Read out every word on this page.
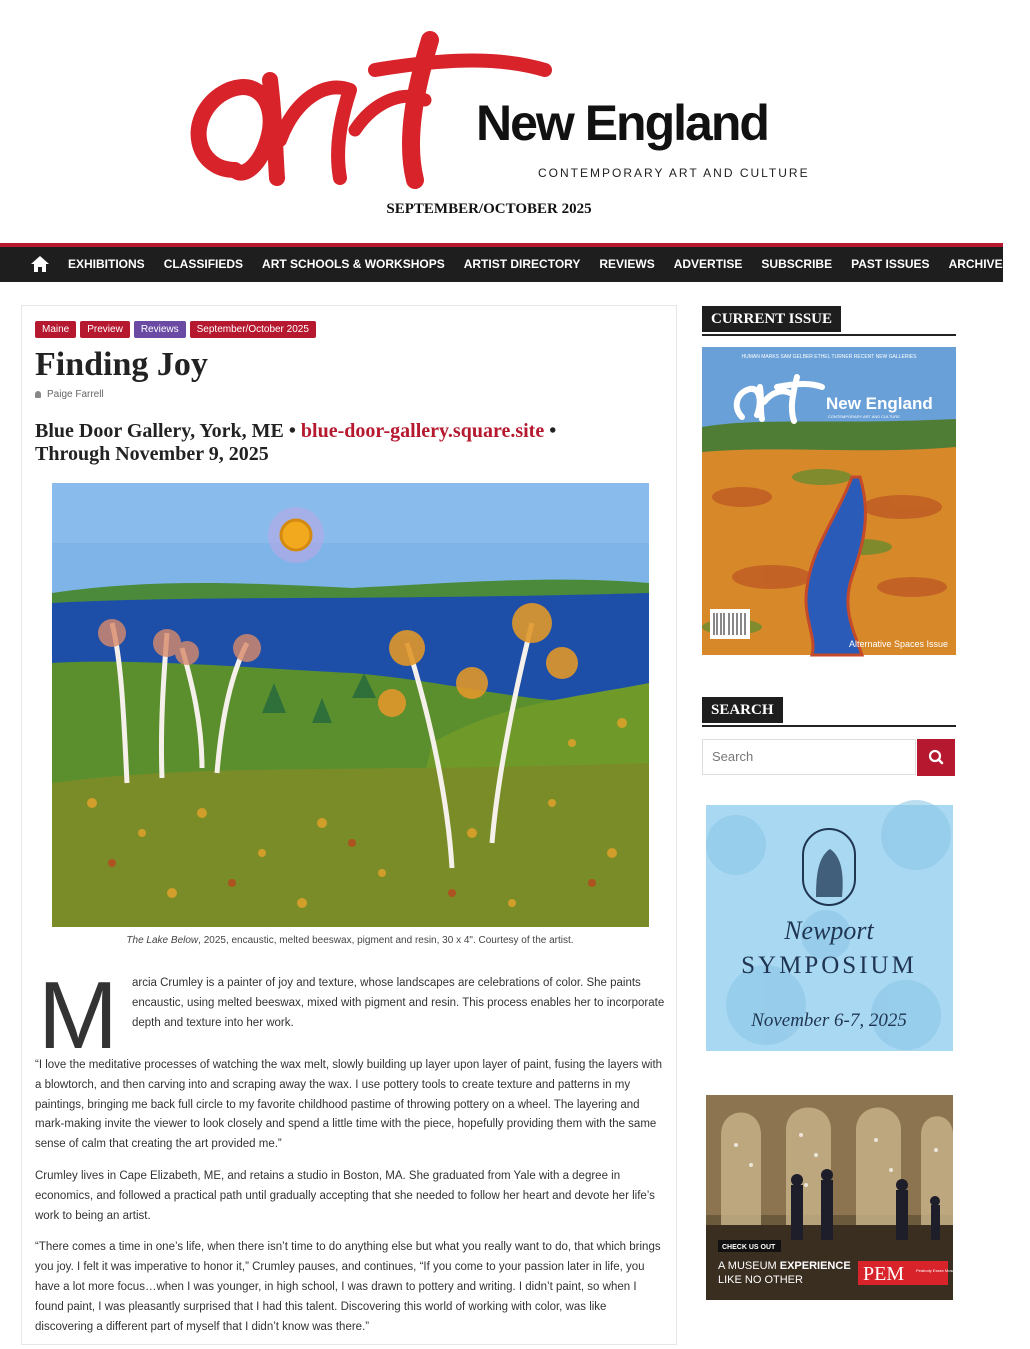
New England
CONTEMPORARY ART AND CULTURE
SEPTEMBER/OCTOBER 2025
EXHIBITIONS CLASSIFIEDS ART SCHOOLS & WORKSHOPS ARTIST DIRECTORY REVIEWS ADVERTISE SUBSCRIBE PAST ISSUES ARCHIVES
Maine	Preview	Reviews	September/October 2025
Finding Joy
Paige Farrell
Blue Door Gallery, York, ME • blue-door-gallery.square.site •
Through November 9, 2025
The Lake Below, 2025, encaustic, melted beeswax, pigment and resin, 30 x 4". Courtesy of the artist.

M	arcia Crumley is a painter of joy and texture, whose landscapes are celebrations of color. She paints encaustic, using melted beeswax, mixed with pigment and resin. This process enables her to incorporate depth and texture into her work.

“I love the meditative processes of watching the wax melt, slowly building up layer upon layer of paint, fusing the layers with a blowtorch, and then carving into and scraping away the wax. I use pottery tools to create texture and patterns in my paintings, bringing me back full circle to my favorite childhood pastime of throwing pottery on a wheel. The layering and mark-making invite the viewer to look closely and spend a little time with the piece, hopefully providing them with the same sense of calm that creating the art provided me.”

Crumley lives in Cape Elizabeth, ME, and retains a studio in Boston, MA. She graduated from Yale with a degree in economics, and followed a practical path until gradually accepting that she needed to follow her heart and devote her life’s work to being an artist.

“There comes a time in one’s life, when there isn’t time to do anything else but what you really want to do, that which brings you joy. I felt it was imperative to honor it,” Crumley pauses, and continues, “If you come to your passion later in life, you have a lot more focus…when I was younger, in high school, I was drawn to pottery and writing. I didn’t paint, so when I found paint, I was pleasantly surprised that I had this talent. Discovering this world of working with color, was like discovering a different part of myself that I didn’t know was there.”

CURRENT ISSUE
HUMAN MARKS SAM GELBER ETHEL TURNER RECENT NEW GALLERIES
New England
CONTEMPORARY ART AND CULTURE
Alternative Spaces Issue
SEARCH
Search
Newport
SYMPOSIUM
November 6-7, 2025
CHECK US OUT
A MUSEUM EXPERIENCE
LIKE NO OTHER	PEM	Peabody Essex Museum
